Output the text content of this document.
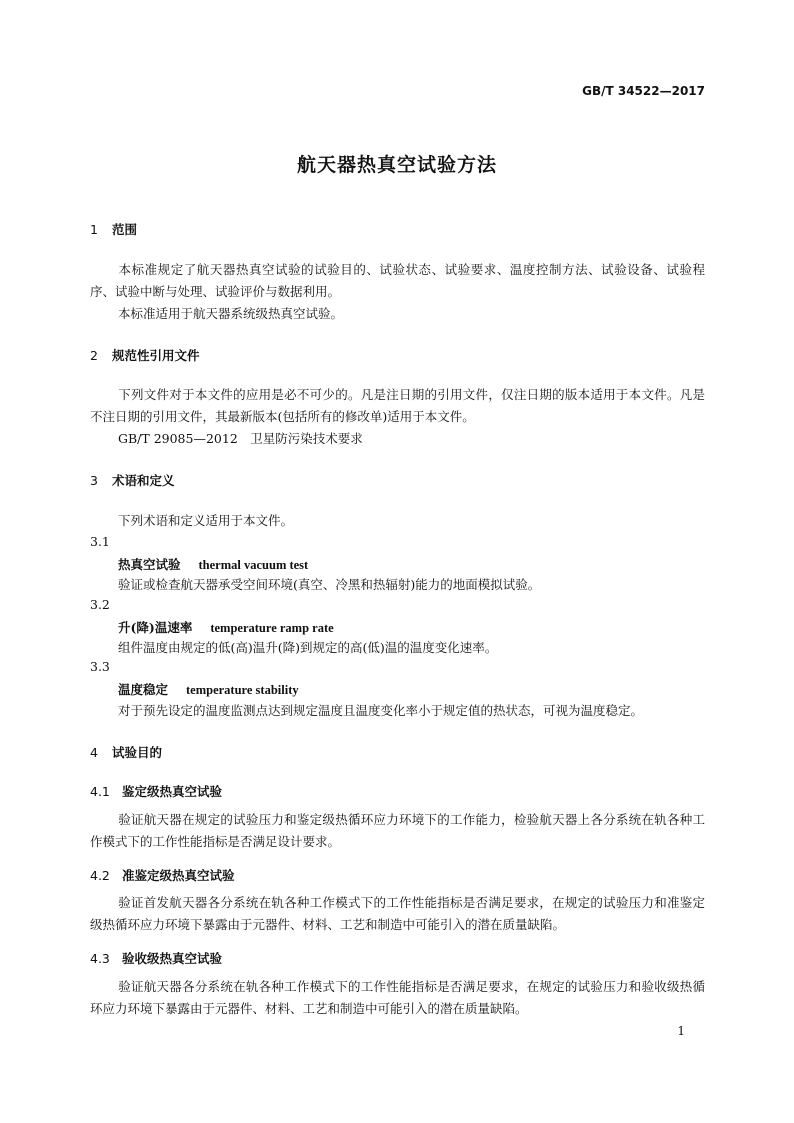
GB/T 34522—2017
航天器热真空试验方法
1 范围
本标准规定了航天器热真空试验的试验目的、试验状态、试验要求、温度控制方法、试验设备、试验程序、试验中断与处理、试验评价与数据利用。
本标准适用于航天器系统级热真空试验。
2 规范性引用文件
下列文件对于本文件的应用是必不可少的。凡是注日期的引用文件，仅注日期的版本适用于本文件。凡是不注日期的引用文件，其最新版本(包括所有的修改单)适用于本文件。
GB/T 29085—2012　卫星防污染技术要求
3 术语和定义
下列术语和定义适用于本文件。
3.1
热真空试验 thermal vacuum test
验证或检查航天器承受空间环境(真空、冷黑和热辐射)能力的地面模拟试验。
3.2
升(降)温速率 temperature ramp rate
组件温度由规定的低(高)温升(降)到规定的高(低)温的温度变化速率。
3.3
温度稳定 temperature stability
对于预先设定的温度监测点达到规定温度且温度变化率小于规定值的热状态，可视为温度稳定。
4 试验目的
4.1 鉴定级热真空试验
验证航天器在规定的试验压力和鉴定级热循环应力环境下的工作能力，检验航天器上各分系统在轨各种工作模式下的工作性能指标是否满足设计要求。
4.2 准鉴定级热真空试验
验证首发航天器各分系统在轨各种工作模式下的工作性能指标是否满足要求，在规定的试验压力和准鉴定级热循环应力环境下暴露由于元器件、材料、工艺和制造中可能引入的潜在质量缺陷。
4.3 验收级热真空试验
验证航天器各分系统在轨各种工作模式下的工作性能指标是否满足要求，在规定的试验压力和验收级热循环应力环境下暴露由于元器件、材料、工艺和制造中可能引入的潜在质量缺陷。
1
